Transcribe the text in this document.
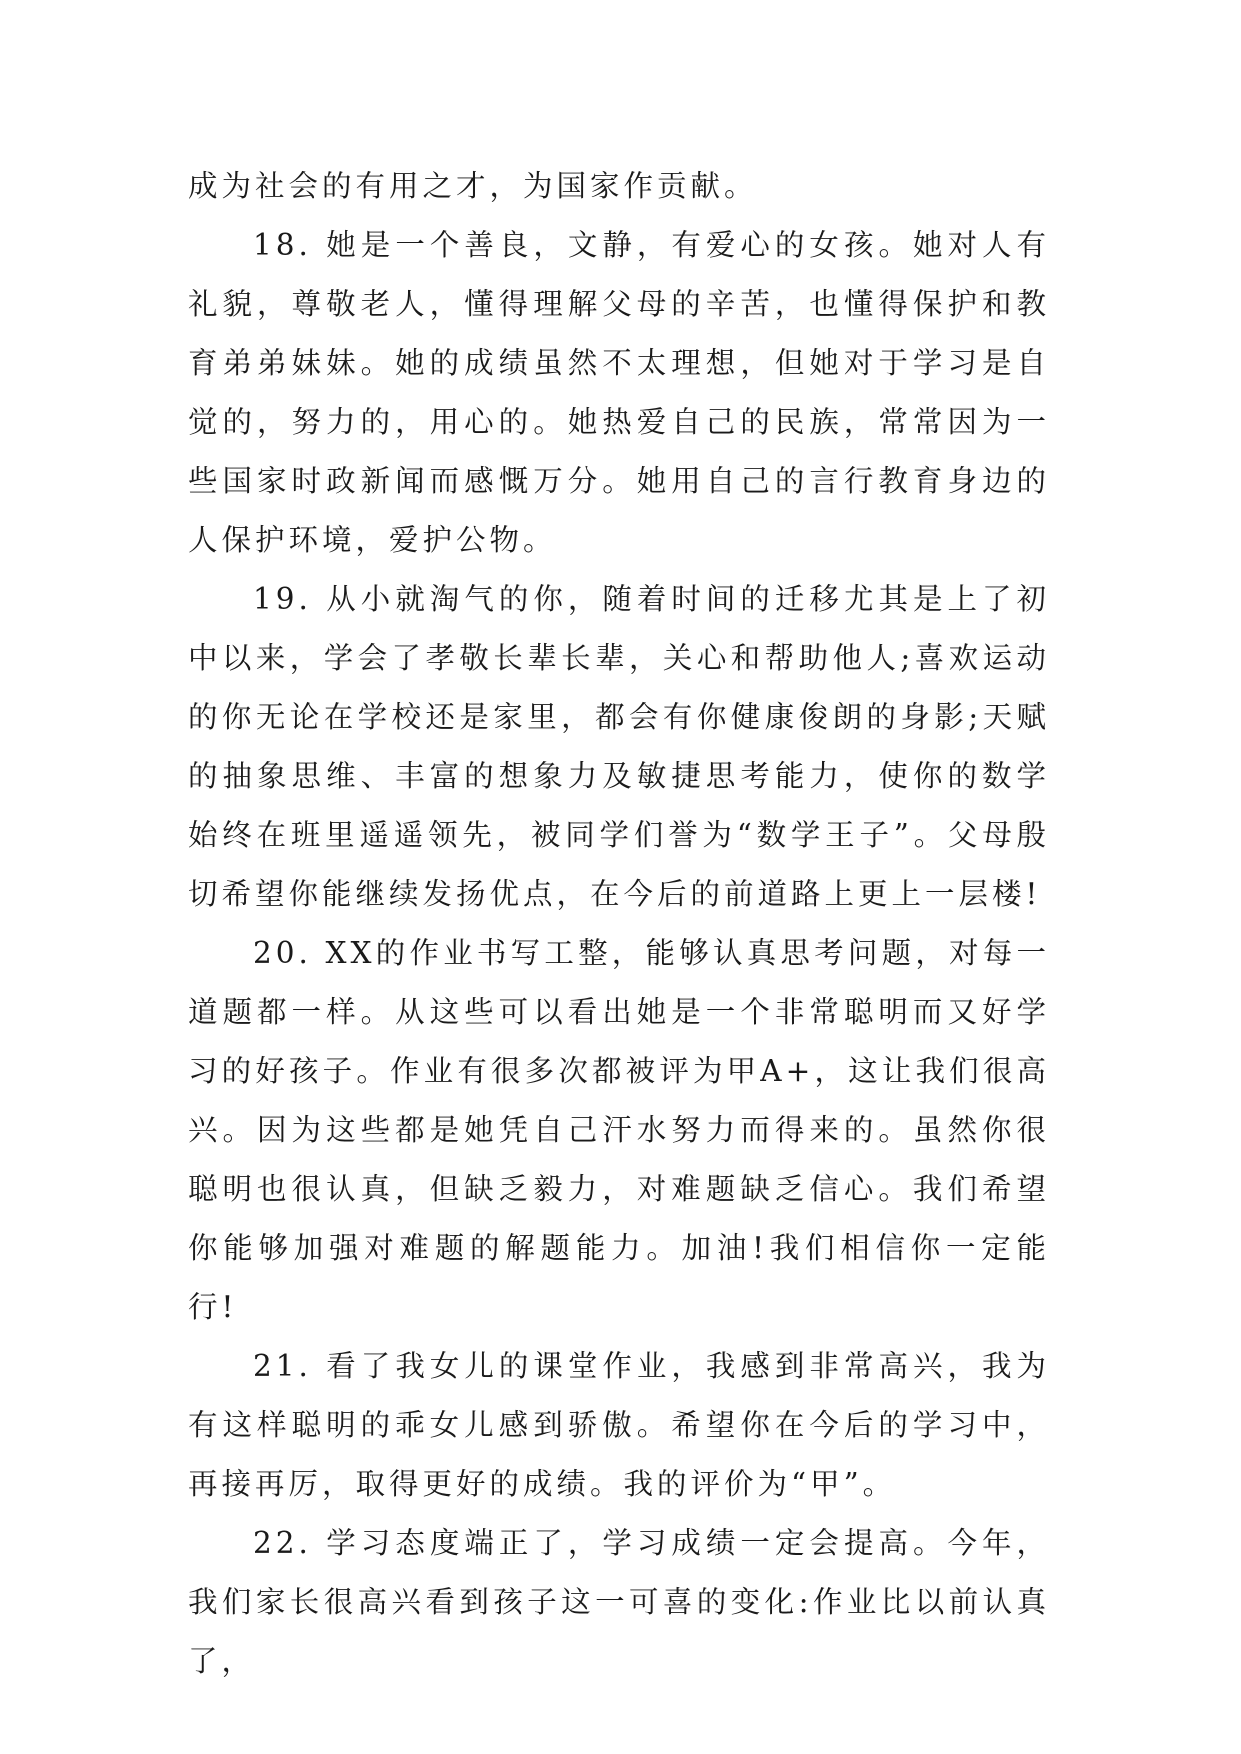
成为社会的有用之才，为国家作贡献。

18. 她是一个善良，文静，有爱心的女孩。她对人有礼貌，尊敬老人，懂得理解父母的辛苦，也懂得保护和教育弟弟妹妹。她的成绩虽然不太理想，但她对于学习是自觉的，努力的，用心的。她热爱自己的民族，常常因为一些国家时政新闻而感慨万分。她用自己的言行教育身边的人保护环境，爱护公物。

19. 从小就淘气的你，随着时间的迁移尤其是上了初中以来，学会了孝敬长辈长辈，关心和帮助他人;喜欢运动的你无论在学校还是家里，都会有你健康俊朗的身影;天赋的抽象思维、丰富的想象力及敏捷思考能力，使你的数学始终在班里遥遥领先，被同学们誉为“数学王子”。父母殷切希望你能继续发扬优点，在今后的前道路上更上一层楼!

20. XX的作业书写工整，能够认真思考问题，对每一道题都一样。从这些可以看出她是一个非常聪明而又好学习的好孩子。作业有很多次都被评为甲A+，这让我们很高兴。因为这些都是她凭自己汗水努力而得来的。虽然你很聪明也很认真，但缺乏毅力，对难题缺乏信心。我们希望你能够加强对难题的解题能力。加油!我们相信你一定能行!

21. 看了我女儿的课堂作业，我感到非常高兴，我为有这样聪明的乖女儿感到骄傲。希望你在今后的学习中，再接再厉，取得更好的成绩。我的评价为“甲”。

22. 学习态度端正了，学习成绩一定会提高。今年，我们家长很高兴看到孩子这一可喜的变化:作业比以前认真了，
